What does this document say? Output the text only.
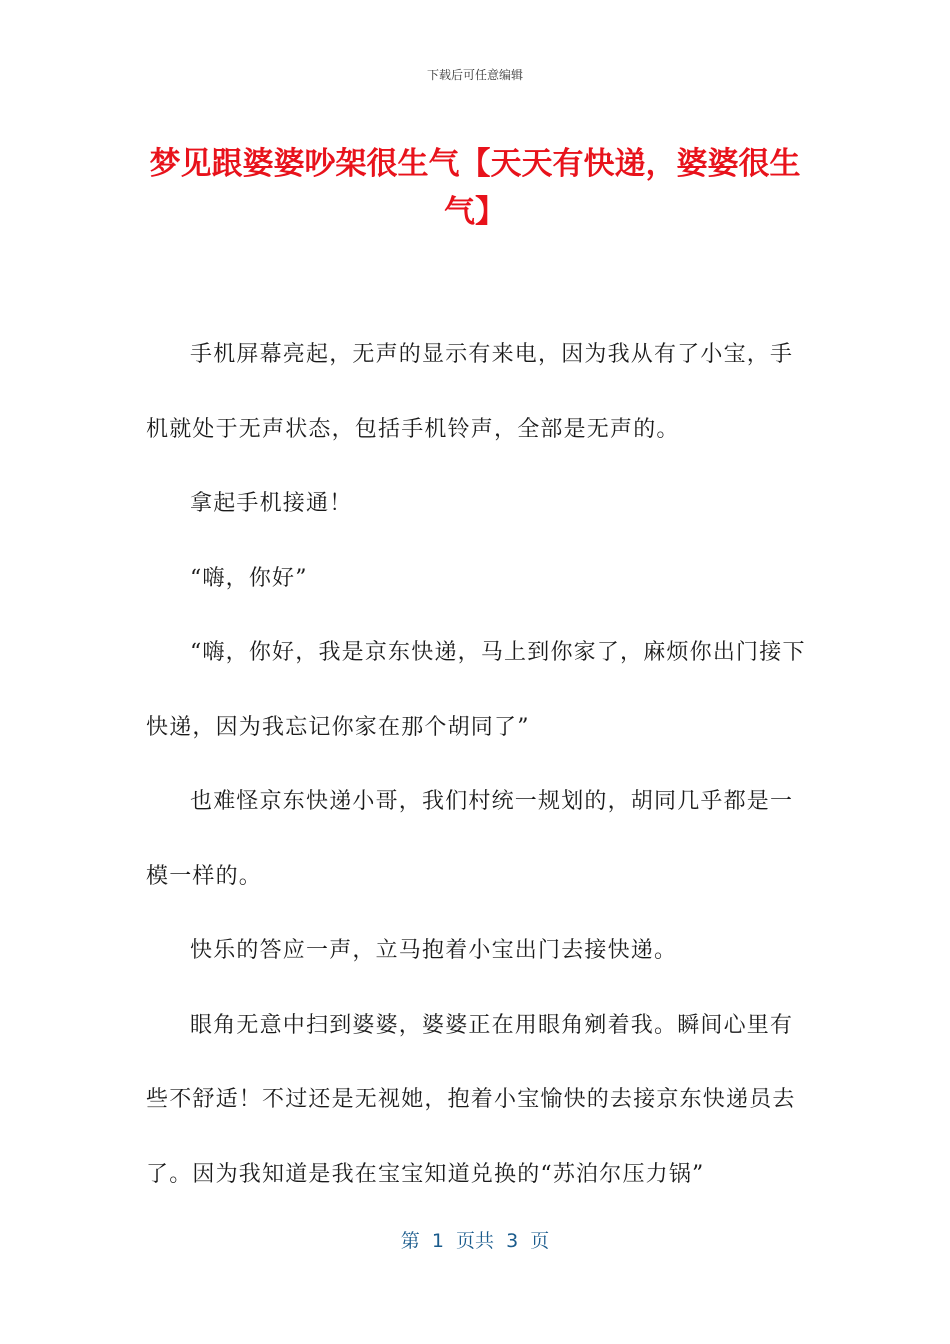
下载后可任意编辑
梦见跟婆婆吵架很生气【天天有快递，婆婆很生气】

手机屏幕亮起，无声的显示有来电，因为我从有了小宝，手机就处于无声状态，包括手机铃声，全部是无声的。

拿起手机接通！

“嗨，你好”

“嗨，你好，我是京东快递，马上到你家了，麻烦你出门接下快递，因为我忘记你家在那个胡同了”

也难怪京东快递小哥，我们村统一规划的，胡同几乎都是一模一样的。

快乐的答应一声，立马抱着小宝出门去接快递。

眼角无意中扫到婆婆，婆婆正在用眼角剜着我。瞬间心里有些不舒适！不过还是无视她，抱着小宝愉快的去接京东快递员去了。因为我知道是我在宝宝知道兑换的“苏泊尔压力锅”

第  1  页共  3  页
